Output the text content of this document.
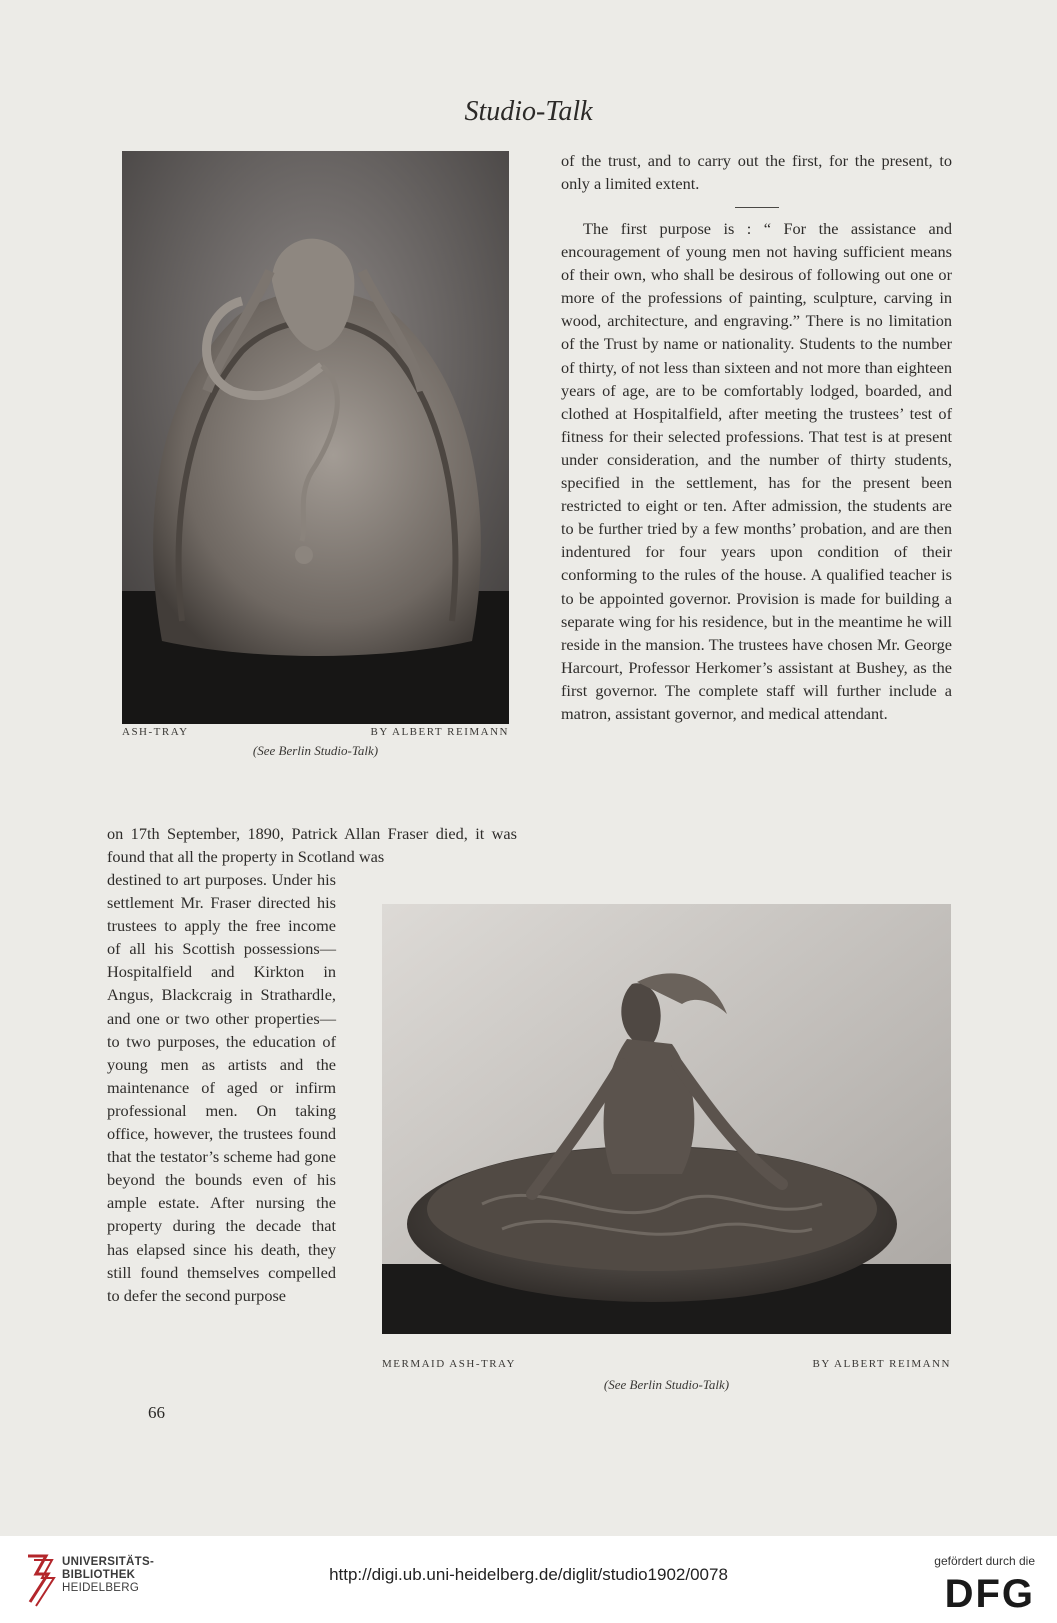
Studio-Talk
ASH-TRAY	BY ALBERT REIMANN
(See Berlin Studio-Talk)

of the trust, and to carry out the first, for the present, to only a limited extent.

The first purpose is : “ For the assistance and encouragement of young men not having sufficient means of their own, who shall be desirous of following out one or more of the professions of painting, sculpture, carving in wood, architecture, and engraving.” There is no limitation of the Trust by name or nationality. Students to the number of thirty, of not less than sixteen and not more than eighteen years of age, are to be comfortably lodged, boarded, and clothed at Hospitalfield, after meeting the trustees’ test of fitness for their selected professions. That test is at present under consideration, and the number of thirty students, specified in the settlement, has for the present been restricted to eight or ten. After admission, the students are to be further tried by a few months’ probation, and are then indentured for four years upon condition of their conforming to the rules of the house. A qualified teacher is to be appointed governor. Provision is made for building a separate wing for his residence, but in the meantime he will reside in the mansion. The trustees have chosen Mr. George Harcourt, Professor Herkomer’s assistant at Bushey, as the first governor. The complete staff will further include a matron, assistant governor, and medical attendant.

on 17th September, 1890, Patrick Allan Fraser died, it was found that all the property in Scotland was

destined to art purposes. Under his settlement Mr. Fraser directed his trustees to apply the free income of all his Scottish possessions—Hospitalfield and Kirkton in Angus, Blackcraig in Strathardle, and one or two other properties—to two purposes, the education of young men as artists and the maintenance of aged or infirm professional men. On taking office, however, the trustees found that the testator’s scheme had gone beyond the bounds even of his ample estate. After nursing the property during the decade that has elapsed since his death, they still found themselves compelled to defer the second purpose

MERMAID ASH-TRAY	BY ALBERT REIMANN
(See Berlin Studio-Talk)
66
UNIVERSITÄTS-
BIBLIOTHEK
HEIDELBERG
http://digi.ub.uni-heidelberg.de/diglit/studio1902/0078
gefördert durch die
DFG
